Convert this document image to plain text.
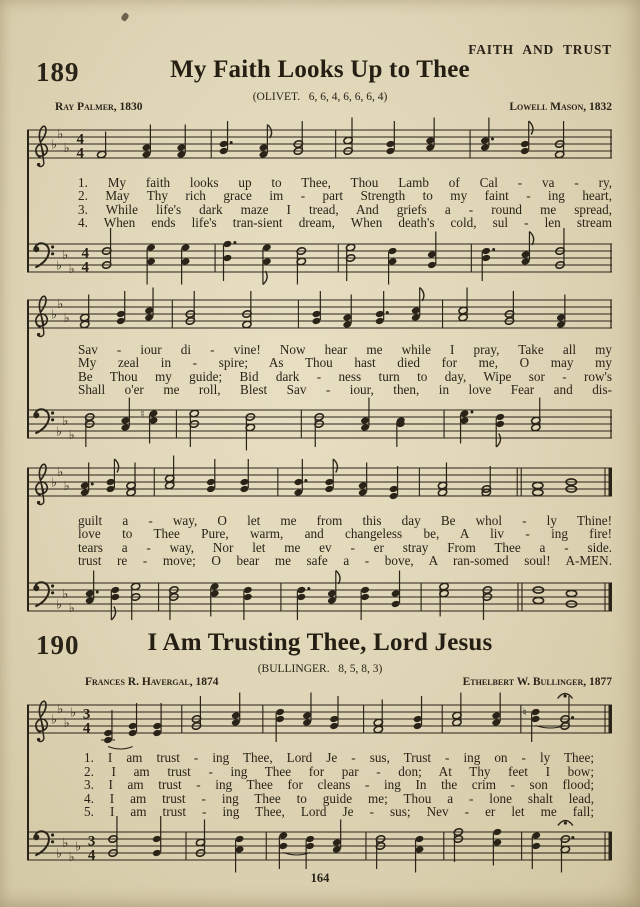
FAITH AND TRUST
189	My Faith Looks Up to Thee
(OLIVET.   6, 6, 4, 6, 6, 6, 4)
Ray Palmer, 1830	Lowell Mason, 1832
♭
♭
♭ 4
4
1. My faith looks up to Thee, Thou Lamb of Cal - va - ry,
2. May Thy rich grace im - part Strength to my faint - ing heart,
3. While life's dark maze I tread, And griefs a - round me spread,
4. When ends life's tran-sient dream, When death's cold, sul - len stream
♭
♭
♭
4
4
♭
♭
♭
Sav - iour di - vine! Now hear me while I pray, Take all my
My zeal in - spire; As Thou hast died for me, O may my
Be Thou my guide; Bid dark - ness turn to day, Wipe sor - row's
Shall o'er me roll, Blest Sav - iour, then, in love Fear and dis-
♭
♭
♭
♮
♭
♭
♭
guilt a - way, O let me from this day Be whol - ly Thine!
love to Thee Pure, warm, and changeless be, A liv - ing fire!
tears a - way, Nor let me ev - er stray From Thee a - side.
trust re - move; O bear me safe a - bove, A ran-somed soul! A-MEN.
♭
♭
♭
190	I Am Trusting Thee, Lord Jesus
(BULLINGER.   8, 5, 8, 3)
Frances R. Havergal, 1874	Ethelbert W. Bullinger, 1877
♭
♭
♭
♭ 3
4
♮
1. I am trust - ing Thee, Lord Je - sus, Trust - ing on - ly Thee;
2. I am trust - ing Thee for par - don; At Thy feet I bow;
3. I am trust - ing Thee for cleans - ing In the crim - son flood;
4. I am trust - ing Thee to guide me; Thou a - lone shalt lead,
5. I am trust - ing Thee, Lord Je - sus; Nev - er let me fall;
♭
♭
♭
♭ 3
4
164
